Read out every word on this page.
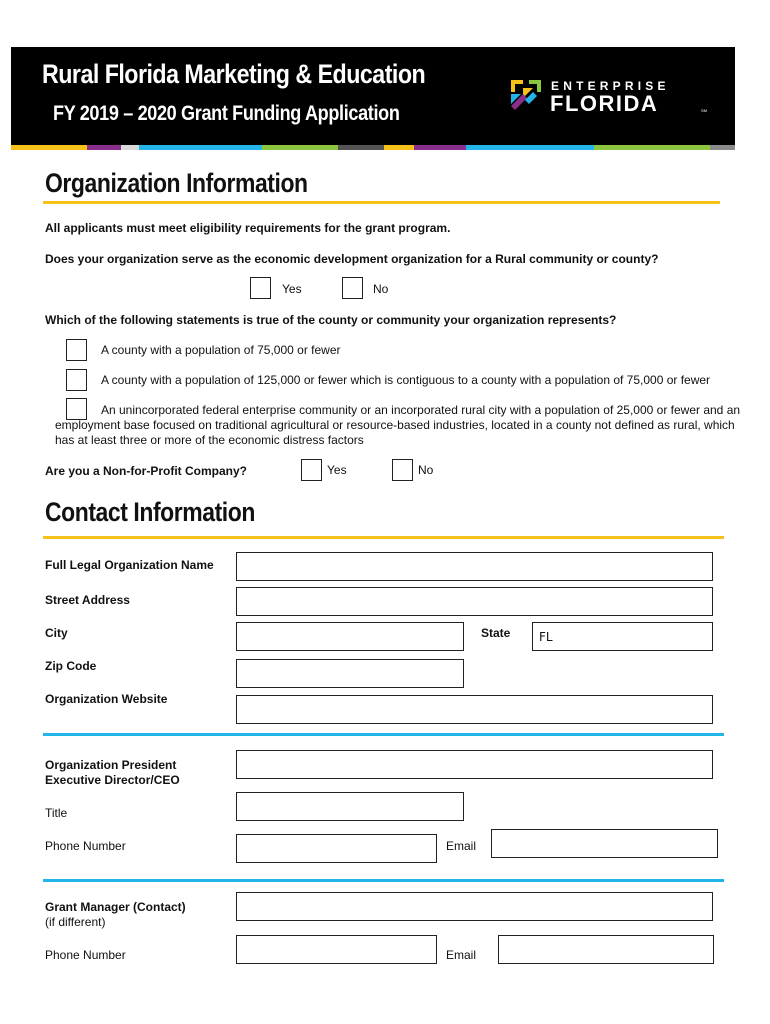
Rural Florida Marketing & Education
FY 2019 – 2020 Grant Funding Application
ENTERPRISE
FLORIDA	SM
Organization Information
All applicants must meet eligibility requirements for the grant program.
Does your organization serve as the economic development organization for a Rural community or county?
Yes	No
Which of the following statements is true of the county or community your organization represents?
A county with a population of 75,000 or fewer
A county with a population of 125,000 or fewer which is contiguous to a county with a population of 75,000 or fewer
An unincorporated federal enterprise community or an incorporated rural city with a population of 25,000 or fewer and an employment base focused on traditional agricultural or resource-based industries, located in a county not defined as rural, which has at least three or more of the economic distress factors
Are you a Non-for-Profit Company?	Yes	No
Contact Information
Full Legal Organization Name
Street Address
City	State FL
Zip Code
Organization Website
Organization President
Executive Director/CEO
Title
Phone Number	Email
Grant Manager (Contact)
(if different)
Phone Number	Email
